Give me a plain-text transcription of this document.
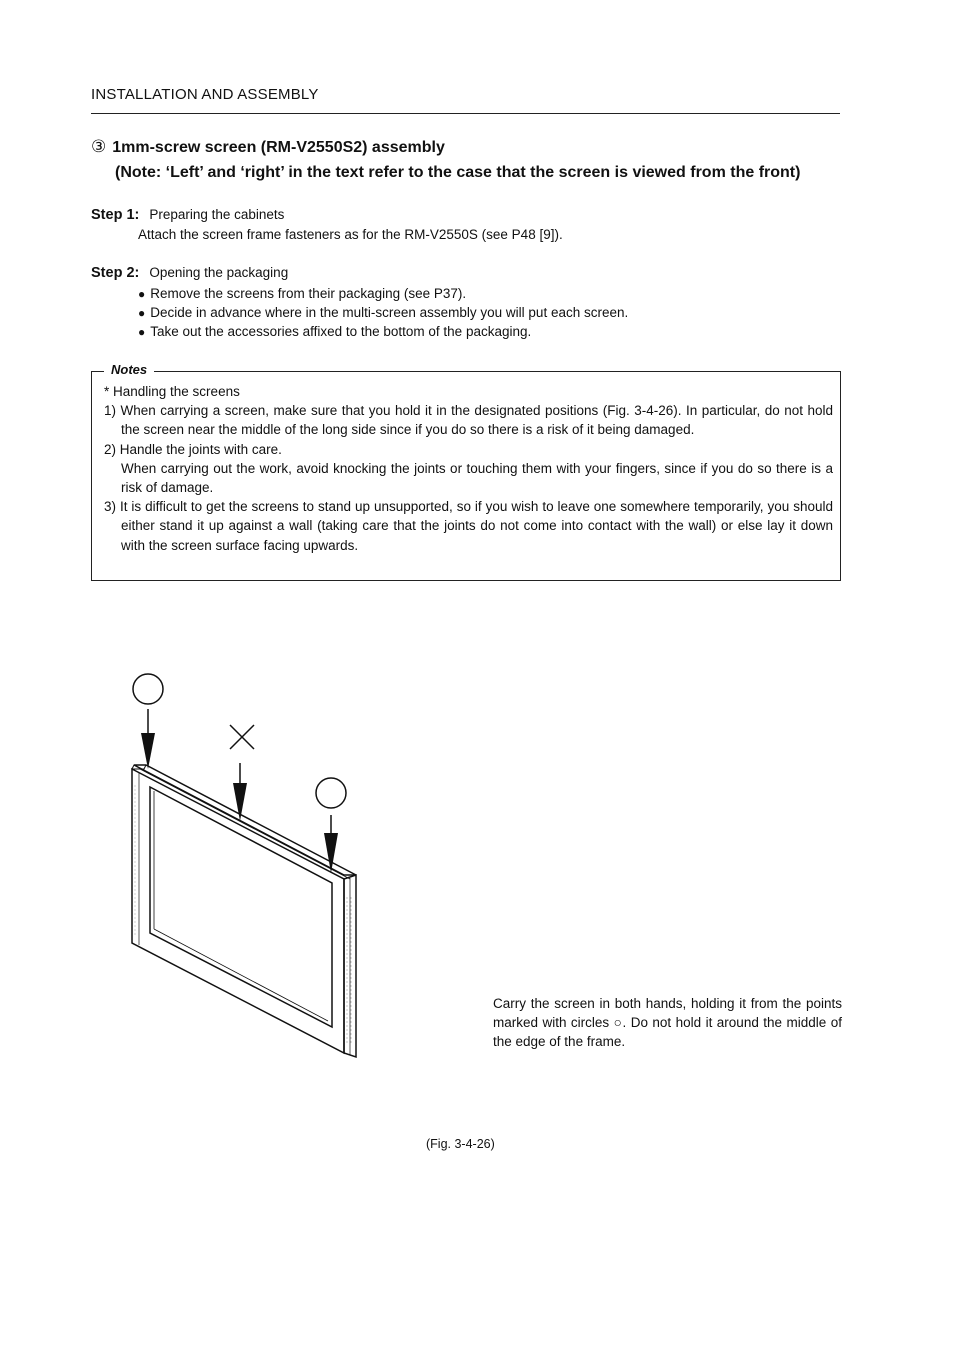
INSTALLATION AND ASSEMBLY
③ 1mm-screw screen (RM-V2550S2) assembly
(Note: ‘Left’ and ‘right’ in the text refer to the case that the screen is viewed from the front)
Step 1: Preparing the cabinets
Attach the screen frame fasteners as for the RM-V2550S (see P48 [9]).
Step 2: Opening the packaging
● Remove the screens from their packaging (see P37).
● Decide in advance where in the multi-screen assembly you will put each screen.
● Take out the accessories affixed to the bottom of the packaging.
Notes

* Handling the screens

1) When carrying a screen, make sure that you hold it in the designated positions (Fig. 3-4-26). In particular, do not hold the screen near the middle of the long side since if you do so there is a risk of it being damaged.

2) Handle the joints with care.

When carrying out the work, avoid knocking the joints or touching them with your fingers, since if you do so there is a risk of damage.

3) It is difficult to get the screens to stand up unsupported, so if you wish to leave one somewhere temporarily, you should either stand it up against a wall (taking care that the joints do not come into contact with the wall) or else lay it down with the screen surface facing upwards.

Carry the screen in both hands, holding it from the points marked with circles ○. Do not hold it around the middle of the edge of the frame.
(Fig. 3-4-26)
